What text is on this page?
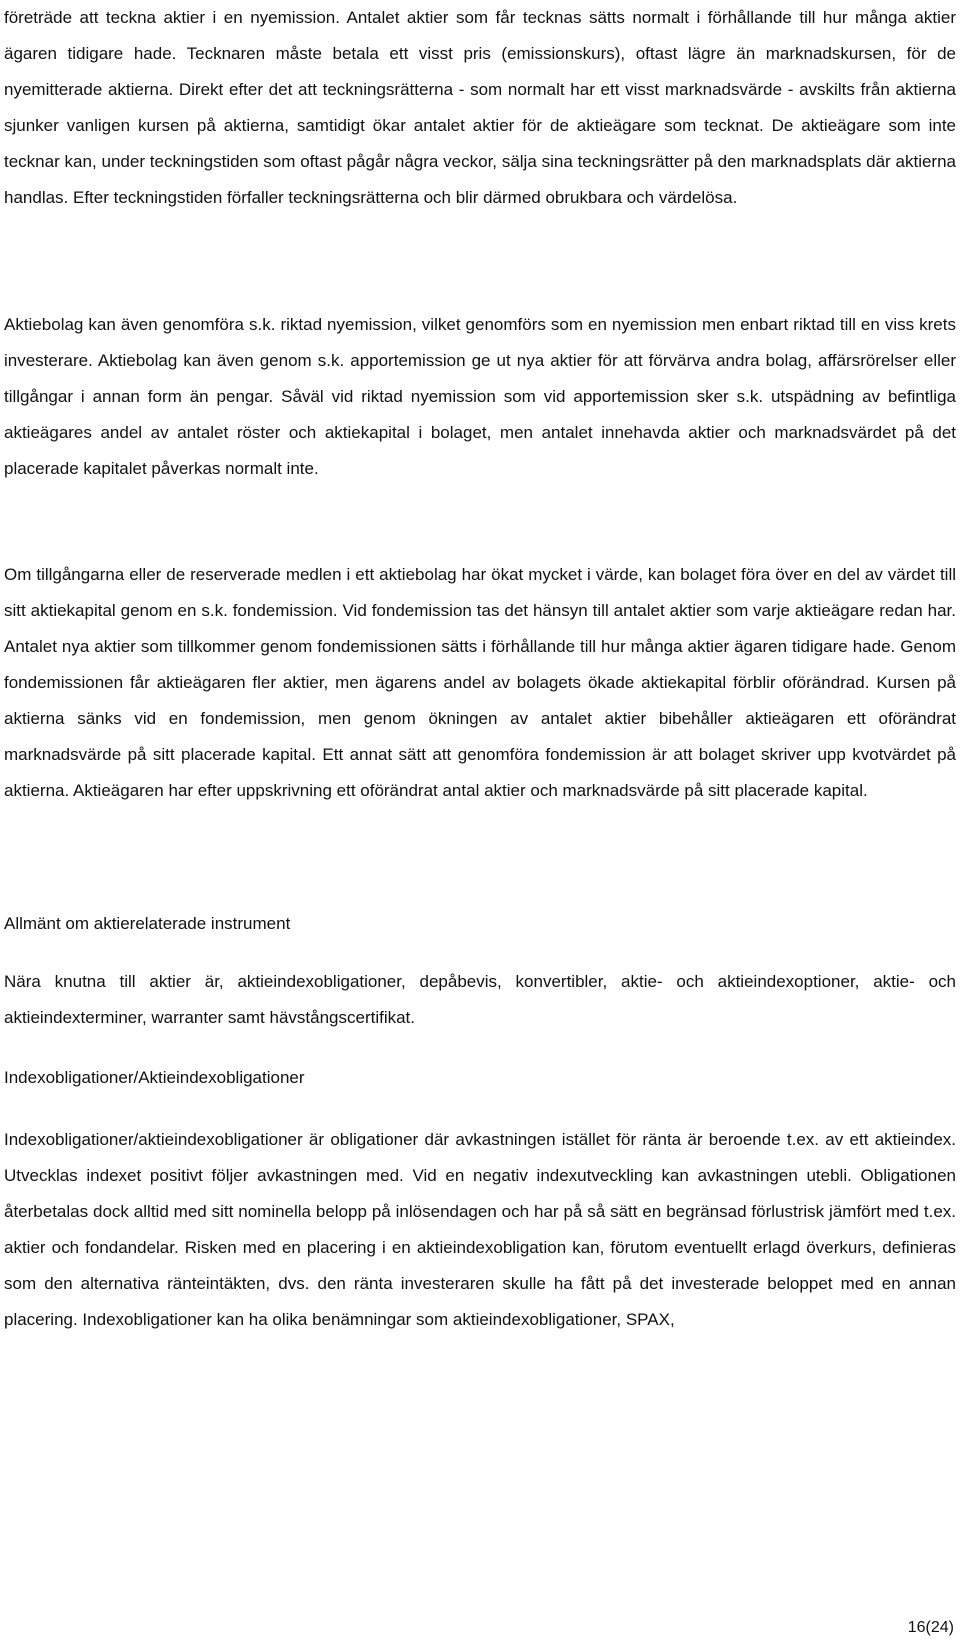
företräde att teckna aktier i en nyemission. Antalet aktier som får tecknas sätts normalt i förhållande till hur många aktier ägaren tidigare hade. Tecknaren måste betala ett visst pris (emissionskurs), oftast lägre än marknadskursen, för de nyemitterade aktierna. Direkt efter det att teckningsrätterna - som normalt har ett visst marknadsvärde - avskilts från aktierna sjunker vanligen kursen på aktierna, samtidigt ökar antalet aktier för de aktieägare som tecknat. De aktieägare som inte tecknar kan, under teckningstiden som oftast pågår några veckor, sälja sina teckningsrätter på den marknadsplats där aktierna handlas. Efter teckningstiden förfaller teckningsrätterna och blir därmed obrukbara och värdelösa.

Aktiebolag kan även genomföra s.k. riktad nyemission, vilket genomförs som en nyemission men enbart riktad till en viss krets investerare. Aktiebolag kan även genom s.k. apportemission ge ut nya aktier för att förvärva andra bolag, affärsrörelser eller tillgångar i annan form än pengar. Såväl vid riktad nyemission som vid apportemission sker s.k. utspädning av befintliga aktieägares andel av antalet röster och aktiekapital i bolaget, men antalet innehavda aktier och marknadsvärdet på det placerade kapitalet påverkas normalt inte.

Om tillgångarna eller de reserverade medlen i ett aktiebolag har ökat mycket i värde, kan bolaget föra över en del av värdet till sitt aktiekapital genom en s.k. fondemission. Vid fondemission tas det hänsyn till antalet aktier som varje aktieägare redan har. Antalet nya aktier som tillkommer genom fondemissionen sätts i förhållande till hur många aktier ägaren tidigare hade. Genom fondemissionen får aktieägaren fler aktier, men ägarens andel av bolagets ökade aktiekapital förblir oförändrad. Kursen på aktierna sänks vid en fondemission, men genom ökningen av antalet aktier bibehåller aktieägaren ett oförändrat marknadsvärde på sitt placerade kapital. Ett annat sätt att genomföra fondemission är att bolaget skriver upp kvotvärdet på aktierna. Aktieägaren har efter uppskrivning ett oförändrat antal aktier och marknadsvärde på sitt placerade kapital.

Allmänt om aktierelaterade instrument

Nära knutna till aktier är, aktieindexobligationer, depåbevis, konvertibler, aktie- och aktieindexoptioner, aktie- och aktieindexterminer, warranter samt hävstångscertifikat.

Indexobligationer/Aktieindexobligationer

Indexobligationer/aktieindexobligationer är obligationer där avkastningen istället för ränta är beroende t.ex. av ett aktieindex. Utvecklas indexet positivt följer avkastningen med. Vid en negativ indexutveckling kan avkastningen utebli. Obligationen återbetalas dock alltid med sitt nominella belopp på inlösendagen och har på så sätt en begränsad förlustrisk jämfört med t.ex. aktier och fondandelar. Risken med en placering i en aktieindexobligation kan, förutom eventuellt erlagd överkurs, definieras som den alternativa ränteintäkten, dvs. den ränta investeraren skulle ha fått på det investerade beloppet med en annan placering. Indexobligationer kan ha olika benämningar som aktieindexobligationer, SPAX,

16(24)
